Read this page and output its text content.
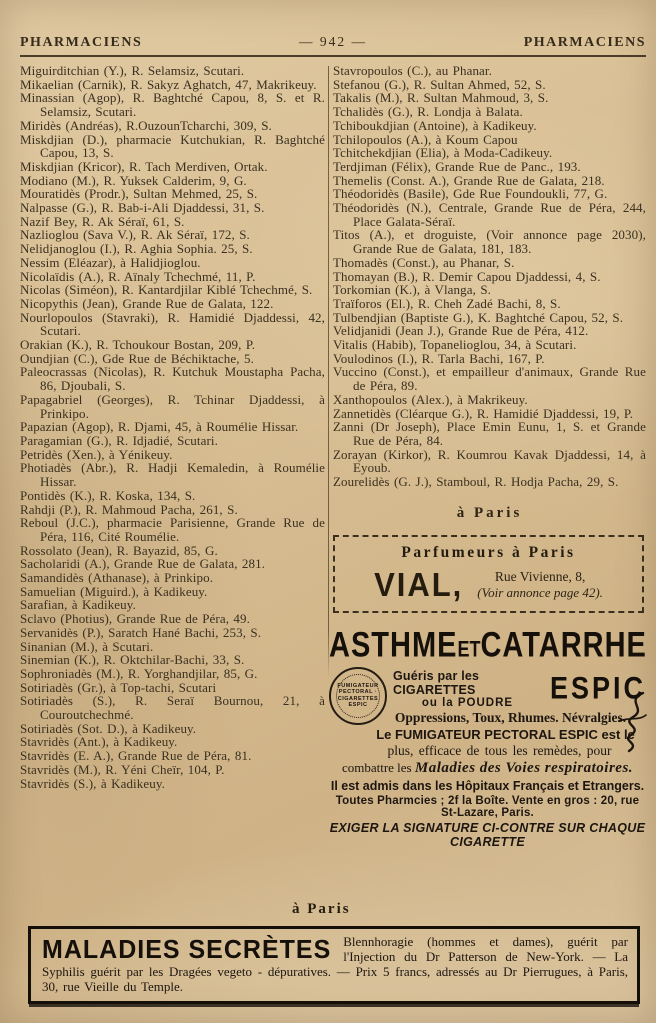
PHARMACIENS	— 942 —	PHARMACIENS

Miguirditchian (Y.), R. Selamsiz, Scutari.

Mikaelian (Carnik), R. Sakyz Aghatch, 47, Makrikeuy.

Minassian (Agop), R. Baghtché Capou, 8, S. et R. Selamsiz, Scutari.

Miridès (Andréas), R.OuzounTcharchi, 309, S.

Miskdjian (D.), pharmacie Kutchukian, R. Baghtché Capou, 13, S.

Miskdjian (Kricor), R. Tach Merdiven, Ortak.

Modiano (M.), R. Yuksek Calderim, 9, G.

Mouratidès (Prodr.), Sultan Mehmed, 25, S.

Nalpasse (G.), R. Bab-i-Ali Djaddessi, 31, S.

Nazif Bey, R. Ak Séraï, 61, S.

Nazlioglou (Sava V.), R. Ak Séraï, 172, S.

Nelidjanoglou (I.), R. Aghia Sophia. 25, S.

Nessim (Eléazar), à Halidjioglou.

Nicolaïdis (A.), R. Aïnaly Tchechmé, 11, P.

Nicolas (Siméon), R. Kantardjilar Kiblé Tchechmé, S.

Nicopythis (Jean), Grande Rue de Galata, 122.

Nourlopoulos (Stavraki), R. Hamidié Djaddessi, 42, Scutari.

Orakian (K.), R. Tchoukour Bostan, 209, P.

Oundjian (C.), Gde Rue de Béchiktache, 5.

Paleocrassas (Nicolas), R. Kutchuk Moustapha Pacha, 86, Djoubali, S.

Papagabriel (Georges), R. Tchinar Djaddessi, à Prinkipo.

Papazian (Agop), R. Djami, 45, à Roumélie Hissar.

Paragamian (G.), R. Idjadié, Scutari.

Petridès (Xen.), à Yénikeuy.

Photiadès (Abr.), R. Hadji Kemaledin, à Roumélie Hissar.

Pontidès (K.), R. Koska, 134, S.

Rahdji (P.), R. Mahmoud Pacha, 261, S.

Reboul (J.C.), pharmacie Parisienne, Grande Rue de Péra, 116, Cité Roumélie.

Rossolato (Jean), R. Bayazid, 85, G.

Sacholaridi (A.), Grande Rue de Galata, 281.

Samandidès (Athanase), à Prinkipo.

Samuelian (Miguird.), à Kadikeuy.

Sarafian, à Kadikeuy.

Sclavo (Photius), Grande Rue de Péra, 49.

Servanidès (P.), Saratch Hané Bachi, 253, S.

Sinanian (M.), à Scutari.

Sinemian (K.), R. Oktchilar-Bachi, 33, S.

Sophroniadès (M.), R. Yorghandjilar, 85, G.

Sotiriadès (Gr.), à Top-tachi, Scutari

Sotiriadès (S.), R. Seraï Bournou, 21, à Couroutchechmé.

Sotiriadès (Sot. D.), à Kadikeuy.

Stavridès (Ant.), à Kadikeuy.

Stavridès (E. A.), Grande Rue de Péra, 81.

Stavridès (M.), R. Yéni Cheïr, 104, P.

Stavridès (S.), à Kadikeuy.

Stavropoulos (C.), au Phanar.

Stefanou (G.), R. Sultan Ahmed, 52, S.

Takalis (M.), R. Sultan Mahmoud, 3, S.

Tchalidès (G.), R. Londja à Balata.

Tchiboukdjian (Antoine), à Kadikeuy.

Tchilopoulos (A.), à Koum Capou

Tchitchekdjian (Elia), à Moda-Cadikeuy.

Terdjiman (Félix), Grande Rue de Panc., 193.

Themelis (Const. A.), Grande Rue de Galata, 218.

Théodoridès (Basile), Gde Rue Foundoukli, 77, G.

Théodoridès (N.), Centrale, Grande Rue de Péra, 244, Place Galata-Séraï.

Titos (A.), et droguiste, (Voir annonce page 2030), Grande Rue de Galata, 181, 183.

Thomadès (Const.), au Phanar, S.

Thomayan (B.), R. Demir Capou Djaddessi, 4, S.

Torkomian (K.), à Vlanga, S.

Traïforos (El.), R. Cheh Zadé Bachi, 8, S.

Tulbendjian (Baptiste G.), K. Baghtché Capou, 52, S.

Velidjanidi (Jean J.), Grande Rue de Péra, 412.

Vitalis (Habib), Topanelioglou, 34, à Scutari.

Voulodinos (I.), R. Tarla Bachi, 167, P.

Vuccino (Const.), et empailleur d'animaux, Grande Rue de Péra, 89.

Xanthopoulos (Alex.), à Makrikeuy.

Zannetidès (Cléarque G.), R. Hamidié Djaddessi, 19, P.

Zanni (Dr Joseph), Place Emin Eunu, 1, S. et Grande Rue de Péra, 84.

Zorayan (Kirkor), R. Koumrou Kavak Djaddessi, 14, à Eyoub.

Zourelidès (G. J.), Stamboul, R. Hodja Pacha, 29, S.

à Paris
Parfumeurs à Paris
VIAL,	Rue Vivienne, 8,
(Voir annonce page 42).
ASTHME ET CATARRHE
FUMIGATEUR PECTORAL · CIGARETTES ESPIC
Guéris par les CIGARETTES
ou la POUDRE	ESPIC
Oppressions, Toux, Rhumes. Névralgies.
Le FUMIGATEUR PECTORAL ESPIC est le
plus, efficace de tous les remèdes, pour
combattre les Maladies des Voies respiratoires.
Il est admis dans les Hôpitaux Français et Etrangers.
Toutes Pharmcies ; 2f la Boîte. Vente en gros : 20, rue St-Lazare, Paris.
EXIGER LA SIGNATURE CI-CONTRE SUR CHAQUE CIGARETTE
à Paris
MALADIES SECRÈTES Blennhoragie (hommes et dames), guérit par l'Injection du Dr Patterson de New-York. — La Syphilis guérit par les Dragées vegeto - dépuratives. — Prix 5 francs, adressés au Dr Pierrugues, à Paris, 30, rue Vieille du Temple.
